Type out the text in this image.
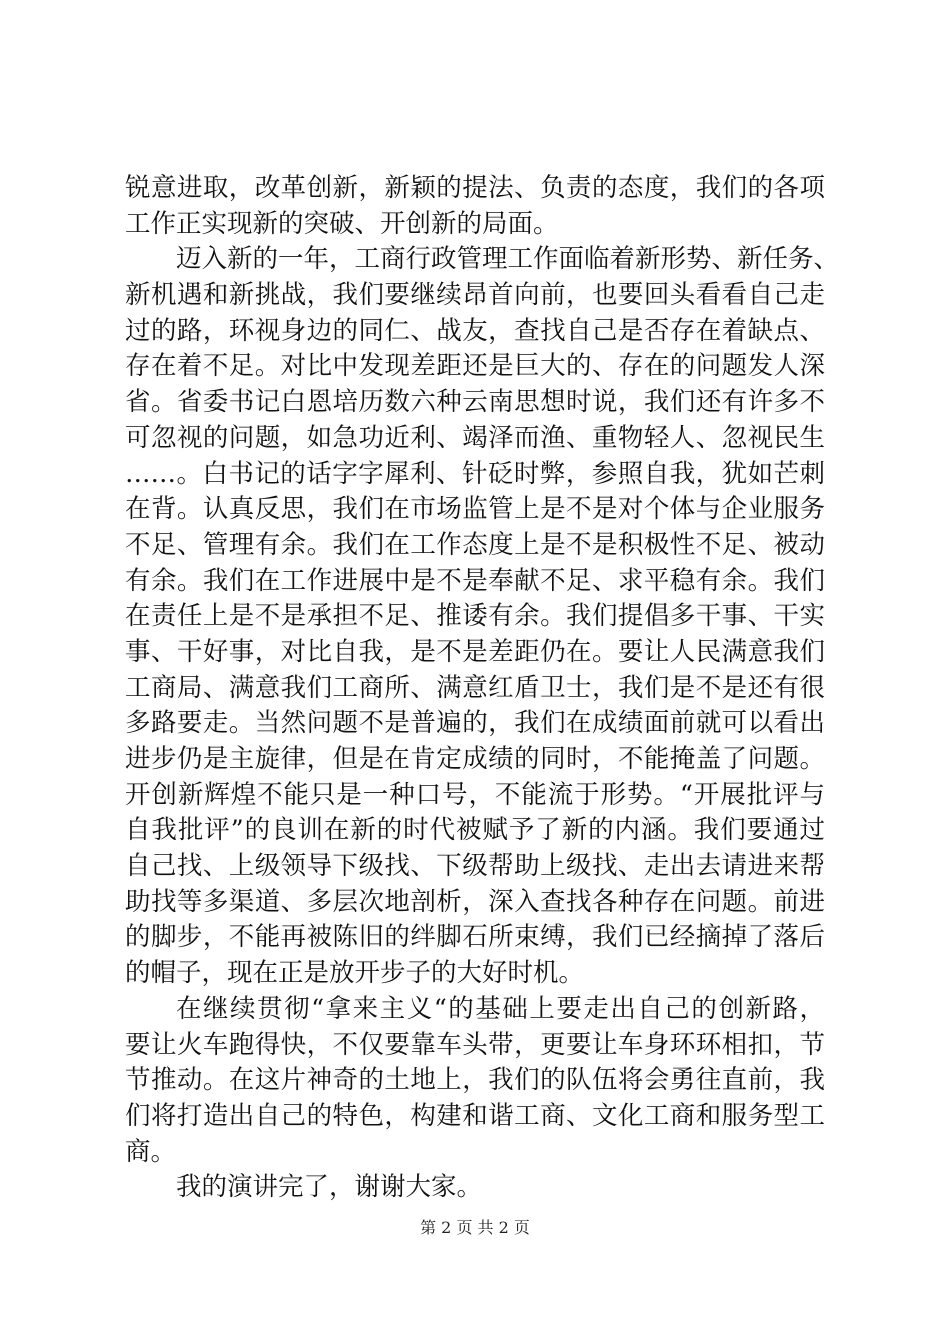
锐意进取，改革创新，新颖的提法、负责的态度，我们的各项
工作正实现新的突破、开创新的局面。
迈入新的一年，工商行政管理工作面临着新形势、新任务、
新机遇和新挑战，我们要继续昂首向前，也要回头看看自己走
过的路，环视身边的同仁、战友，查找自己是否存在着缺点、
存在着不足。对比中发现差距还是巨大的、存在的问题发人深
省。省委书记白恩培历数六种云南思想时说，我们还有许多不
可忽视的问题，如急功近利、竭泽而渔、重物轻人、忽视民生
……。白书记的话字字犀利、针砭时弊，参照自我，犹如芒刺
在背。认真反思，我们在市场监管上是不是对个体与企业服务
不足、管理有余。我们在工作态度上是不是积极性不足、被动
有余。我们在工作进展中是不是奉献不足、求平稳有余。我们
在责任上是不是承担不足、推诿有余。我们提倡多干事、干实
事、干好事，对比自我，是不是差距仍在。要让人民满意我们
工商局、满意我们工商所、满意红盾卫士，我们是不是还有很
多路要走。当然问题不是普遍的，我们在成绩面前就可以看出
进步仍是主旋律，但是在肯定成绩的同时，不能掩盖了问题。
开创新辉煌不能只是一种口号，不能流于形势。“开展批评与
自我批评”的良训在新的时代被赋予了新的内涵。我们要通过
自己找、上级领导下级找、下级帮助上级找、走出去请进来帮
助找等多渠道、多层次地剖析，深入查找各种存在问题。前进
的脚步，不能再被陈旧的绊脚石所束缚，我们已经摘掉了落后
的帽子，现在正是放开步子的大好时机。
在继续贯彻“拿来主义“的基础上要走出自己的创新路，
要让火车跑得快，不仅要靠车头带，更要让车身环环相扣，节
节推动。在这片神奇的土地上，我们的队伍将会勇往直前，我
们将打造出自己的特色，构建和谐工商、文化工商和服务型工
商。
我的演讲完了，谢谢大家。
第 2 页 共 2 页
